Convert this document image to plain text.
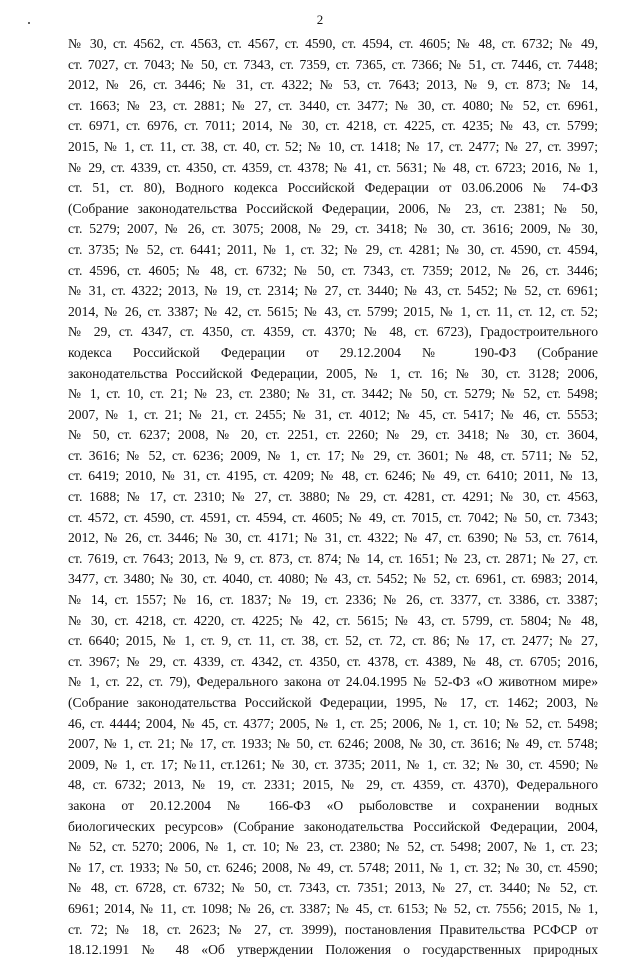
2
№ 30, ст. 4562, ст. 4563, ст. 4567, ст. 4590, ст. 4594, ст. 4605; № 48, ст. 6732; № 49,
ст. 7027, ст. 7043; № 50, ст. 7343, ст. 7359, ст. 7365, ст. 7366; № 51, ст. 7446, ст. 7448;
2012, № 26, ст. 3446; № 31, ст. 4322; № 53, ст. 7643; 2013, № 9, ст. 873; № 14,
ст. 1663; № 23, ст. 2881; № 27, ст. 3440, ст. 3477; № 30, ст. 4080; № 52, ст. 6961,
ст. 6971, ст. 6976, ст. 7011; 2014, № 30, ст. 4218, ст. 4225, ст. 4235; № 43, ст. 5799;
2015, № 1, ст. 11, ст. 38, ст. 40, ст. 52; № 10, ст. 1418; № 17, ст. 2477; № 27, ст. 3997;
№ 29, ст. 4339, ст. 4350, ст. 4359, ст. 4378; № 41, ст. 5631; № 48, ст. 6723; 2016, № 1,
ст. 51, ст. 80), Водного кодекса Российской Федерации от 03.06.2006 № 74-ФЗ
(Собрание законодательства Российской Федерации, 2006, № 23, ст. 2381; № 50,
ст. 5279; 2007, № 26, ст. 3075; 2008, № 29, ст. 3418; № 30, ст. 3616; 2009, № 30,
ст. 3735; № 52, ст. 6441; 2011, № 1, ст. 32; № 29, ст. 4281; № 30, ст. 4590, ст. 4594,
ст. 4596, ст. 4605; № 48, ст. 6732; № 50, ст. 7343, ст. 7359; 2012, № 26, ст. 3446;
№ 31, ст. 4322; 2013, № 19, ст. 2314; № 27, ст. 3440; № 43, ст. 5452; № 52, ст. 6961;
2014, № 26, ст. 3387; № 42, ст. 5615; № 43, ст. 5799; 2015, № 1, ст. 11, ст. 12, ст. 52;
№ 29, ст. 4347, ст. 4350, ст. 4359, ст. 4370; № 48, ст. 6723), Градостроительного
кодекса Российской Федерации от 29.12.2004 № 190-ФЗ (Собрание
законодательства Российской Федерации, 2005, № 1, ст. 16; № 30, ст. 3128; 2006,
№ 1, ст. 10, ст. 21; № 23, ст. 2380; № 31, ст. 3442; № 50, ст. 5279; № 52, ст. 5498;
2007, № 1, ст. 21; № 21, ст. 2455; № 31, ст. 4012; № 45, ст. 5417; № 46, ст. 5553;
№ 50, ст. 6237; 2008, № 20, ст. 2251, ст. 2260; № 29, ст. 3418; № 30, ст. 3604,
ст. 3616; № 52, ст. 6236; 2009, № 1, ст. 17; № 29, ст. 3601; № 48, ст. 5711; № 52,
ст. 6419; 2010, № 31, ст. 4195, ст. 4209; № 48, ст. 6246; № 49, ст. 6410; 2011, № 13,
ст. 1688; № 17, ст. 2310; № 27, ст. 3880; № 29, ст. 4281, ст. 4291; № 30, ст. 4563,
ст. 4572, ст. 4590, ст. 4591, ст. 4594, ст. 4605; № 49, ст. 7015, ст. 7042; № 50, ст. 7343;
2012, № 26, ст. 3446; № 30, ст. 4171; № 31, ст. 4322; № 47, ст. 6390; № 53, ст. 7614,
ст. 7619, ст. 7643; 2013, № 9, ст. 873, ст. 874; № 14, ст. 1651; № 23, ст. 2871; № 27, ст.
3477, ст. 3480; № 30, ст. 4040, ст. 4080; № 43, ст. 5452; № 52, ст. 6961, ст. 6983; 2014,
№ 14, ст. 1557; № 16, ст. 1837; № 19, ст. 2336; № 26, ст. 3377, ст. 3386, ст. 3387;
№ 30, ст. 4218, ст. 4220, ст. 4225; № 42, ст. 5615; № 43, ст. 5799, ст. 5804; № 48,
ст. 6640; 2015, № 1, ст. 9, ст. 11, ст. 38, ст. 52, ст. 72, ст. 86; № 17, ст. 2477; № 27,
ст. 3967; № 29, ст. 4339, ст. 4342, ст. 4350, ст. 4378, ст. 4389, № 48, ст. 6705; 2016,
№ 1, ст. 22, ст. 79), Федерального закона от 24.04.1995 № 52-ФЗ «О животном мире»
(Собрание законодательства Российской Федерации, 1995, № 17, ст. 1462; 2003, №
46, ст. 4444; 2004, № 45, ст. 4377; 2005, № 1, ст. 25; 2006, № 1, ст. 10; № 52, ст. 5498;
2007, № 1, ст. 21; № 17, ст. 1933; № 50, ст. 6246; 2008, № 30, ст. 3616; № 49, ст. 5748;
2009, № 1, ст. 17; №11, ст.1261; № 30, ст. 3735; 2011, № 1, ст. 32; № 30, ст. 4590; №
48, ст. 6732; 2013, № 19, ст. 2331; 2015, № 29, ст. 4359, ст. 4370), Федерального
закона от 20.12.2004 № 166-ФЗ «О рыболовстве и сохранении водных
биологических ресурсов» (Собрание законодательства Российской Федерации, 2004,
№ 52, ст. 5270; 2006, № 1, ст. 10; № 23, ст. 2380; № 52, ст. 5498; 2007, № 1, ст. 23;
№ 17, ст. 1933; № 50, ст. 6246; 2008, № 49, ст. 5748; 2011, № 1, ст. 32; № 30, ст. 4590;
№ 48, ст. 6728, ст. 6732; № 50, ст. 7343, ст. 7351; 2013, № 27, ст. 3440; № 52, ст.
6961; 2014, № 11, ст. 1098; № 26, ст. 3387; № 45, ст. 6153; № 52, ст. 7556; 2015, № 1,
ст. 72; № 18, ст. 2623; № 27, ст. 3999), постановления Правительства РСФСР от
18.12.1991 № 48 «Об утверждении Положения о государственных природных
